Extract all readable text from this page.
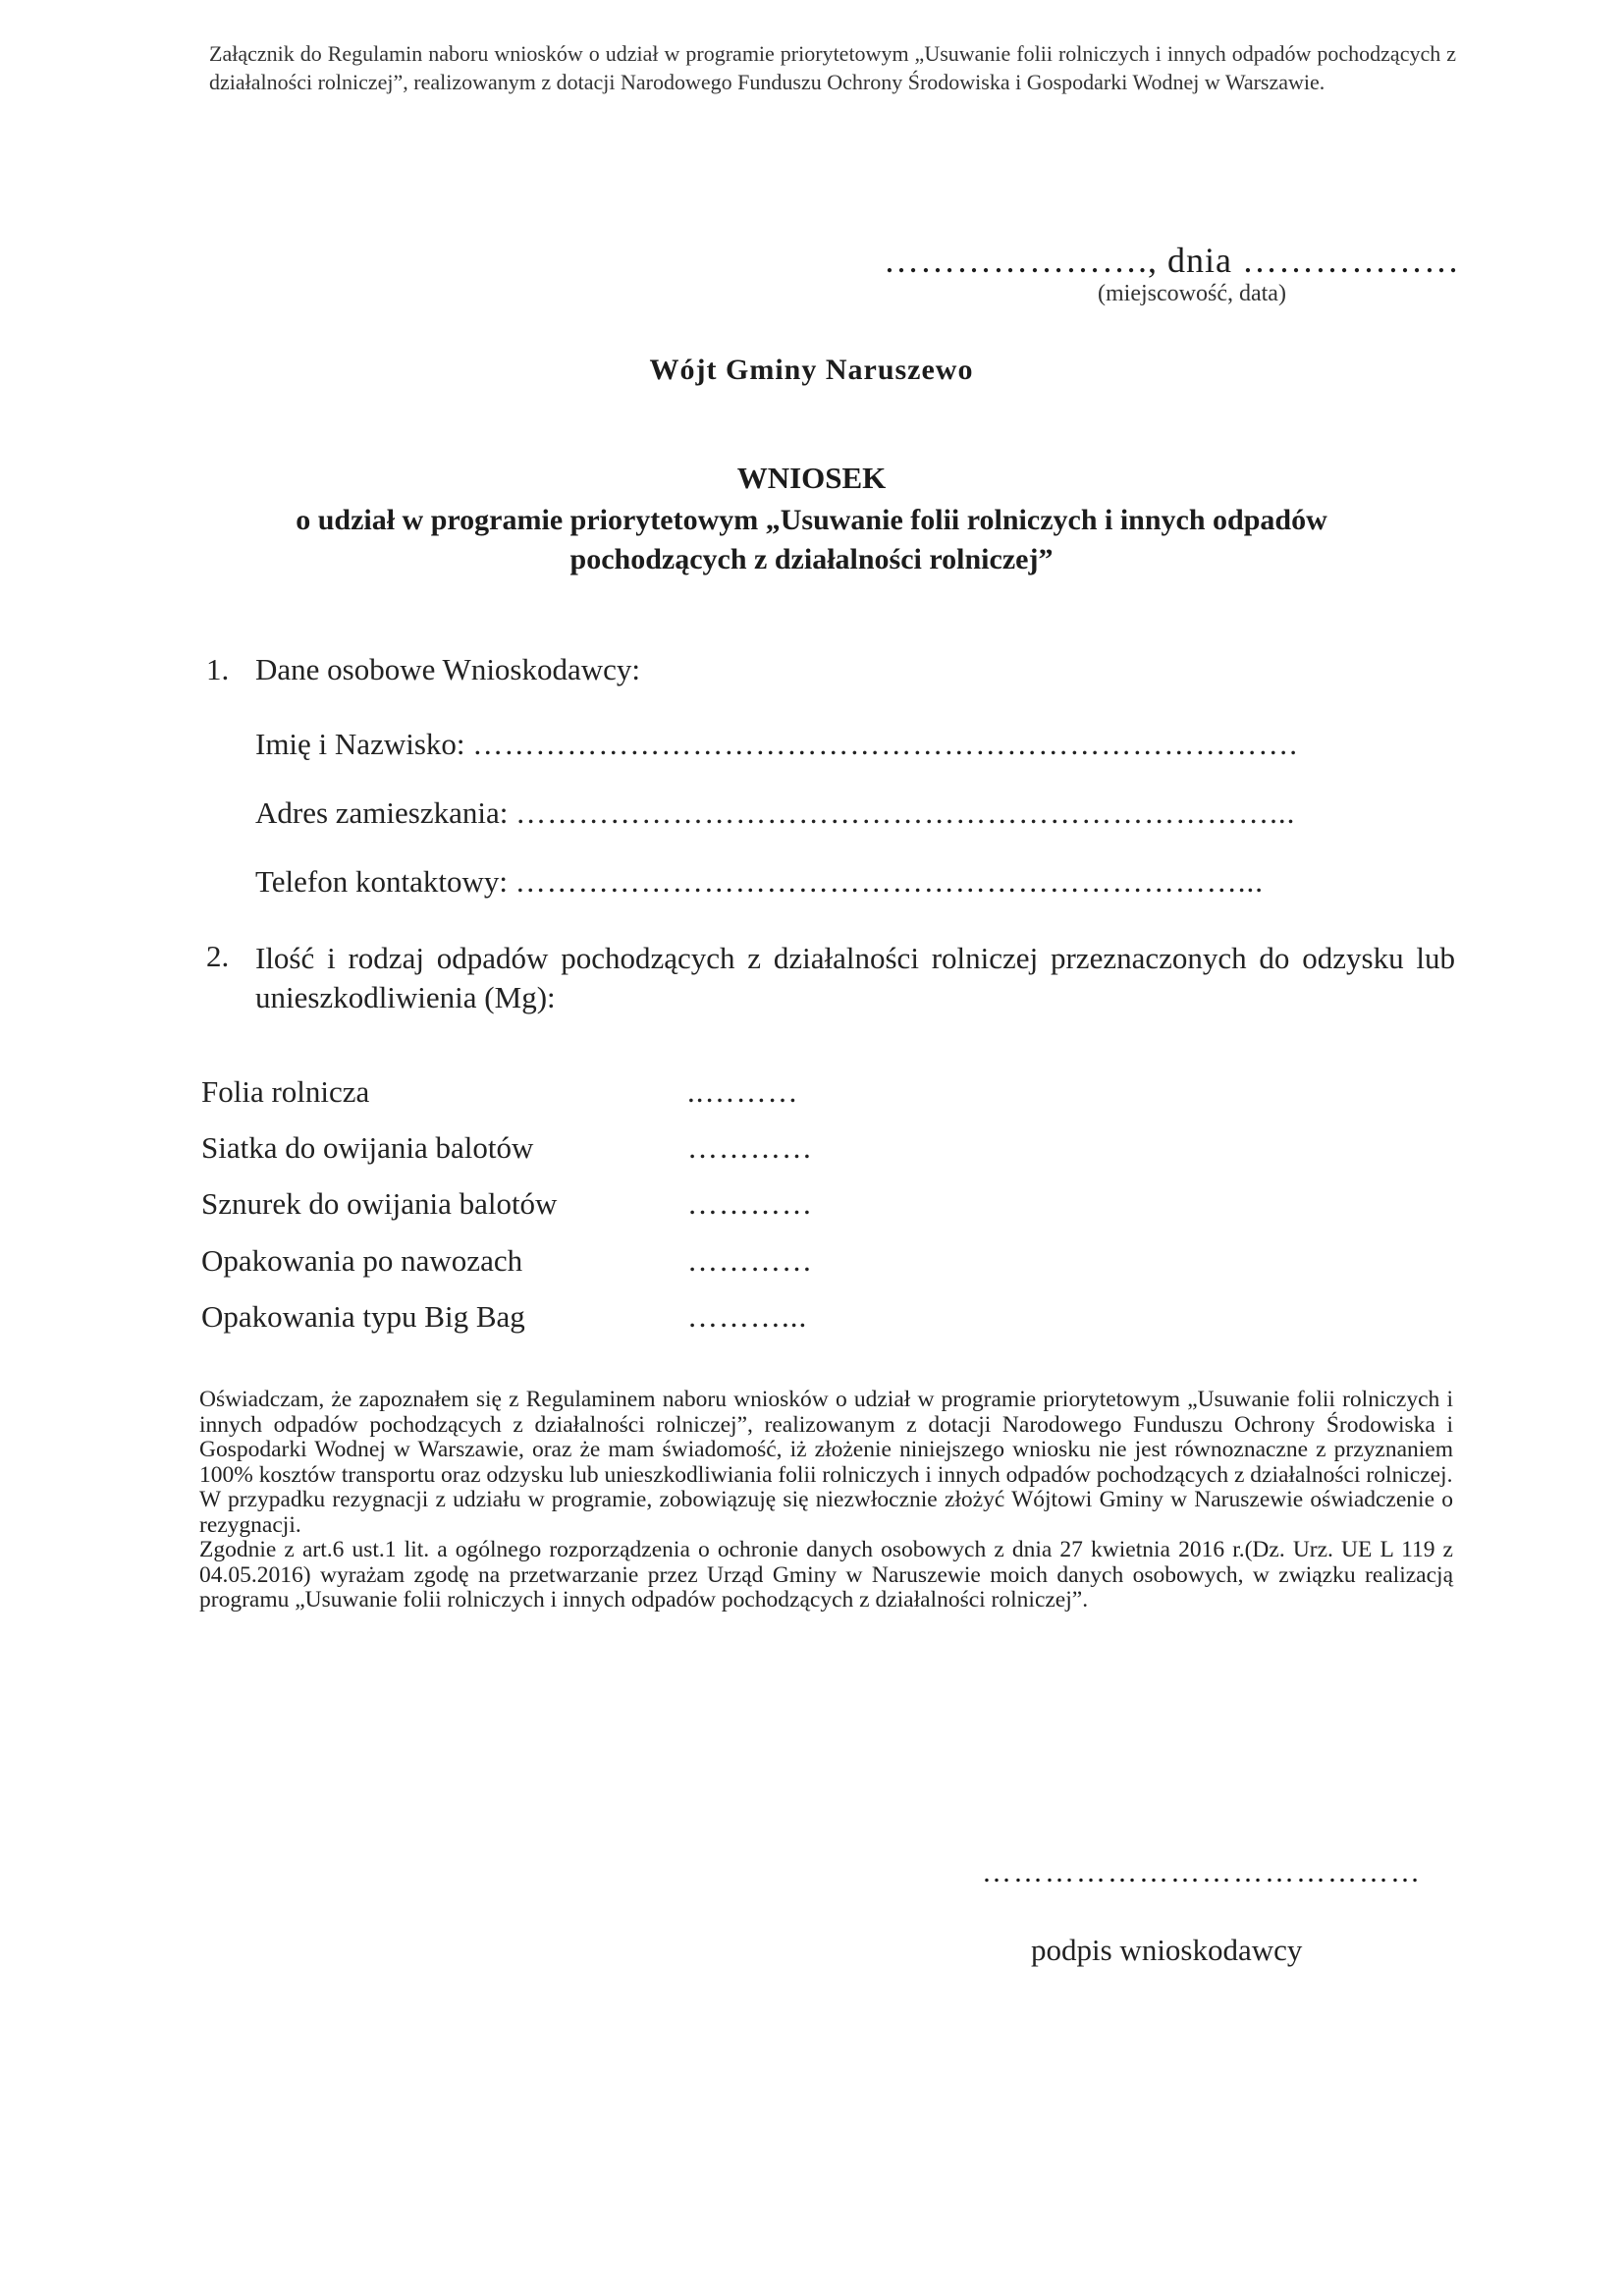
Załącznik do Regulamin naboru wniosków o udział w programie priorytetowym „Usuwanie folii rolniczych i innych odpadów pochodzących z działalności rolniczej”, realizowanym z dotacji Narodowego Funduszu Ochrony Środowiska i Gospodarki Wodnej w Warszawie.
…………………., dnia ………………
(miejscowość, data)
Wójt Gminy Naruszewo
WNIOSEK
o udział w programie priorytetowym „Usuwanie folii rolniczych i innych odpadów pochodzących z działalności rolniczej”
1. Dane osobowe Wnioskodawcy:
Imię i Nazwisko: …………………………………………………………………….
Adres zamieszkania: ………………………………………………………………...
Telefon kontaktowy: ……………………………………………………………...
2. Ilość i rodzaj odpadów pochodzących z działalności rolniczej przeznaczonych do odzysku lub unieszkodliwienia (Mg):
Folia rolnicza	..………
Siatka do owijania balotów	…………
Sznurek do owijania balotów	…………
Opakowania po nawozach	…………
Opakowania typu Big Bag	………...

Oświadczam, że zapoznałem się z Regulaminem naboru wniosków o udział w programie priorytetowym „Usuwanie folii rolniczych i innych odpadów pochodzących z działalności rolniczej”, realizowanym z dotacji Narodowego Funduszu Ochrony Środowiska i Gospodarki Wodnej w Warszawie, oraz że mam świadomość, iż złożenie niniejszego wniosku nie jest równoznaczne z przyznaniem 100% kosztów transportu oraz odzysku lub unieszkodliwiania folii rolniczych i innych odpadów pochodzących z działalności rolniczej.

W przypadku rezygnacji z udziału w programie, zobowiązuję się niezwłocznie złożyć Wójtowi Gminy w Naruszewie oświadczenie o rezygnacji.

Zgodnie z art.6 ust.1 lit. a ogólnego rozporządzenia o ochronie danych osobowych z dnia 27 kwietnia 2016 r.(Dz. Urz. UE L 119 z 04.05.2016) wyrażam zgodę na przetwarzanie przez Urząd Gminy w Naruszewie moich danych osobowych, w związku realizacją programu „Usuwanie folii rolniczych i innych odpadów pochodzących z działalności rolniczej”.

……………………………………
podpis wnioskodawcy
